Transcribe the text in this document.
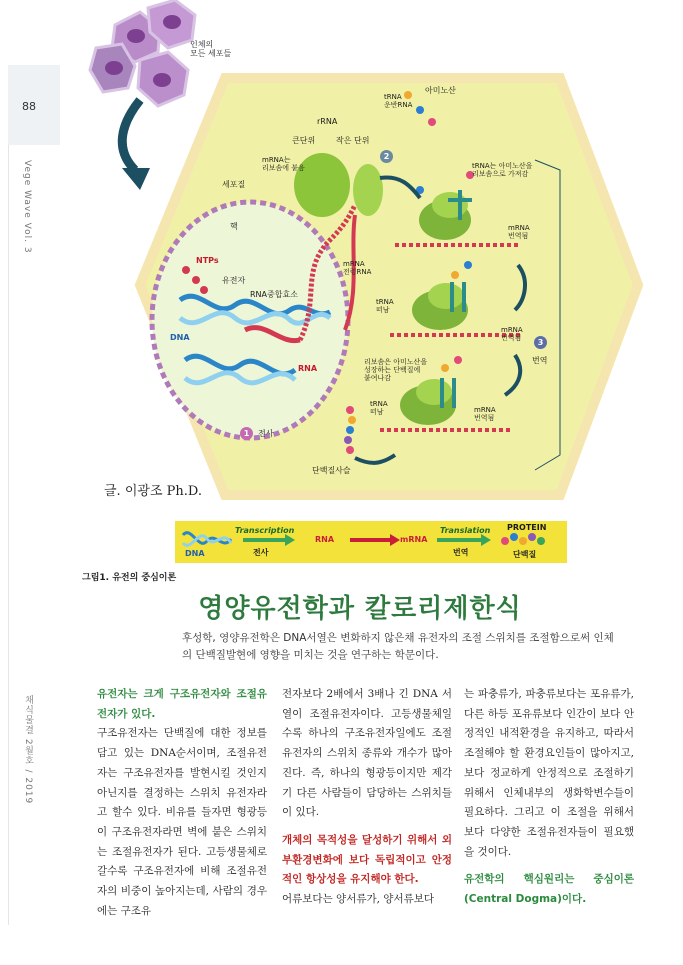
88
Vege Wave Vol. 3
채식물결 2월호 / 2019
인체의
모든 세포들
세포질
핵
NTPs
유전자
RNA중합효소
DNA
RNA
1	전사
rRNA
큰단위	작은 단위
mRNA는
리보솜에 붙음
mRNA
전령RNA
tRNA
운반RNA
아미노산
2
tRNA는 아미노산을
리보솜으로 가져감
mRNA
번역됨
tRNA
떠남
mRNA
번역됨	3
번역
리보솜은 아미노산을
성장하는 단백질에
붙여나감
tRNA
떠남	mRNA
번역됨
단백질사슬
글. 이광조 Ph.D.
DNA
Transcription
전사
RNA	mRNA
Translation
번역
PROTEIN
단백질
그림1. 유전의 중심이론
영양유전학과 칼로리제한식
후성학, 영양유전학은 DNA서열은 변화하지 않은채 유전자의 조절 스위치를 조절함으로써 인체의 단백질발현에 영향을 미치는 것을 연구하는 학문이다.

유전자는 크게 구조유전자와 조절유전자가 있다.

구조유전자는 단백질에 대한 정보를 담고 있는 DNA순서이며, 조절유전자는 구조유전자를 발현시킬 것인지 아닌지를 결정하는 스위치 유전자라고 할수 있다. 비유를 들자면 형광등이 구조유전자라면 벽에 붙은 스위치는 조절유전자가 된다. 고등생물체로 갈수록 구조유전자에 비해 조절유전자의 비중이 높아지는데, 사람의 경우에는 구조유

전자보다 2배에서 3배나 긴 DNA 서열이 조절유전자이다. 고등생물체일수록 하나의 구조유전자일에도 조절유전자의 스위치 종류와 개수가 많아진다. 즉, 하나의 형광등이지만 제각기 다른 사람들이 담당하는 스위치들이 있다.

개체의 목적성을 달성하기 위해서 외부환경변화에 보다 독립적이고 안정적인 항상성을 유지해야 한다.

어류보다는 양서류가, 양서류보다

는 파충류가, 파충류보다는 포유류가, 다른 하등 포유류보다 인간이 보다 안정적인 내적환경을 유지하고, 따라서 조절해야 할 환경요인들이 많아지고, 보다 정교하게 안정적으로 조절하기 위해서 인체내부의 생화학변수들이 필요하다. 그리고 이 조절을 위해서 보다 다양한 조절유전자들이 필요했을 것이다.

유전학의 핵심원리는 중심이론(Central Dogma)이다.
